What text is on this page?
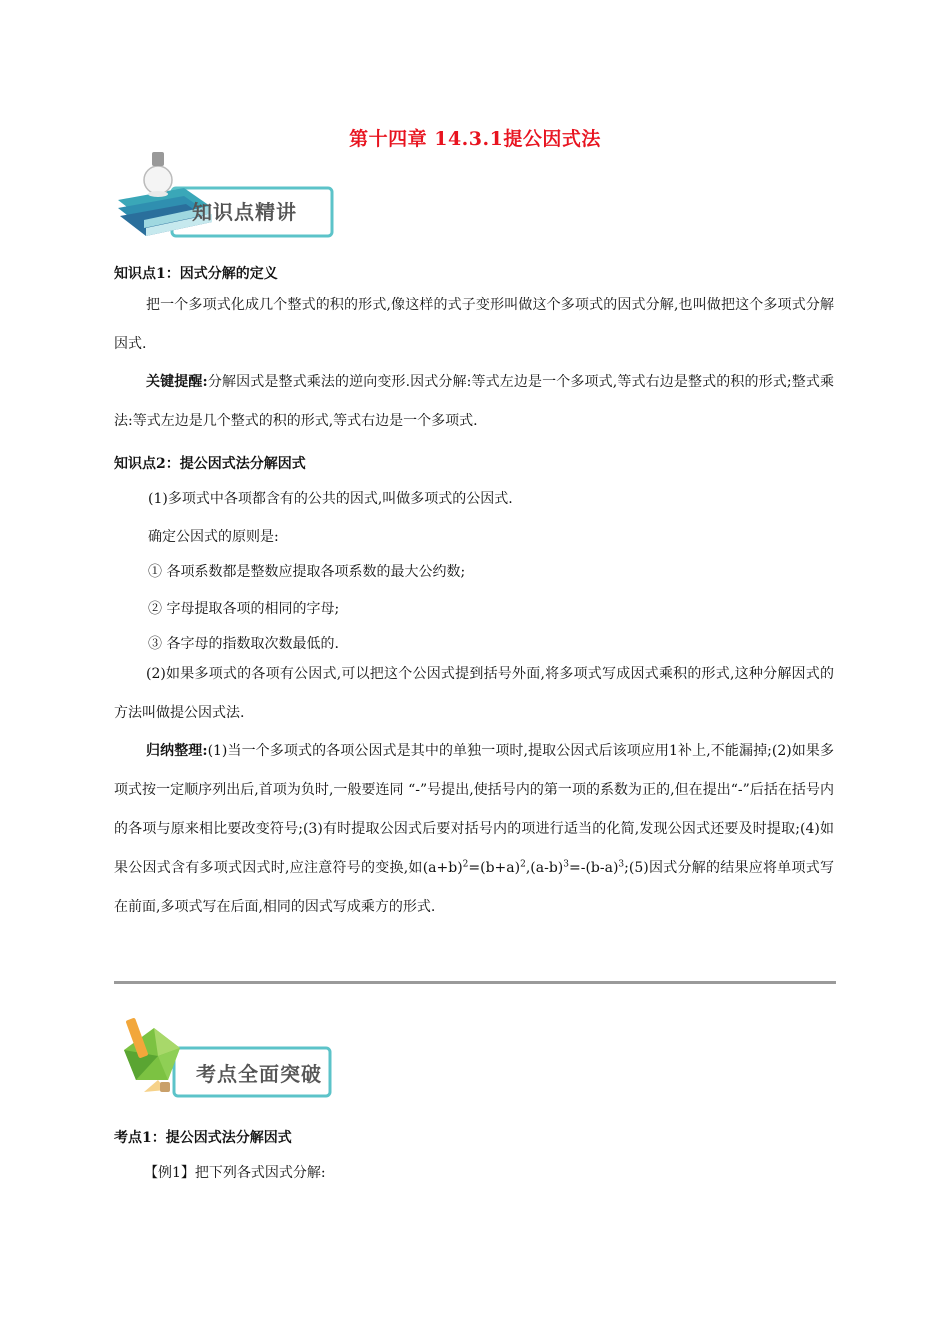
第十四章 14.3.1提公因式法
知识点精讲
知识点1：因式分解的定义
把一个多项式化成几个整式的积的形式,像这样的式子变形叫做这个多项式的因式分解,也叫做把这个多项式分解因式.
关键提醒:分解因式是整式乘法的逆向变形.因式分解:等式左边是一个多项式,等式右边是整式的积的形式;整式乘法:等式左边是几个整式的积的形式,等式右边是一个多项式.
知识点2：提公因式法分解因式
(1)多项式中各项都含有的公共的因式,叫做多项式的公因式.
确定公因式的原则是:
① 各项系数都是整数应提取各项系数的最大公约数;
② 字母提取各项的相同的字母;
③ 各字母的指数取次数最低的.
(2)如果多项式的各项有公因式,可以把这个公因式提到括号外面,将多项式写成因式乘积的形式,这种分解因式的方法叫做提公因式法.
归纳整理:(1)当一个多项式的各项公因式是其中的单独一项时,提取公因式后该项应用1补上,不能漏掉;(2)如果多项式按一定顺序列出后,首项为负时,一般要连同 “-”号提出,使括号内的第一项的系数为正的,但在提出“-”后括在括号内的各项与原来相比要改变符号;(3)有时提取公因式后要对括号内的项进行适当的化简,发现公因式还要及时提取;(4)如果公因式含有多项式因式时,应注意符号的变换,如$(a+b)^2=(b+a)^2,(a-b)^3=-(b-a)^3;(5)$因式分解的结果应将单项式写在前面,多项式写在后面,相同的因式写成乘方的形式.
考点全面突破
考点1：提公因式法分解因式
【例1】把下列各式因式分解:
